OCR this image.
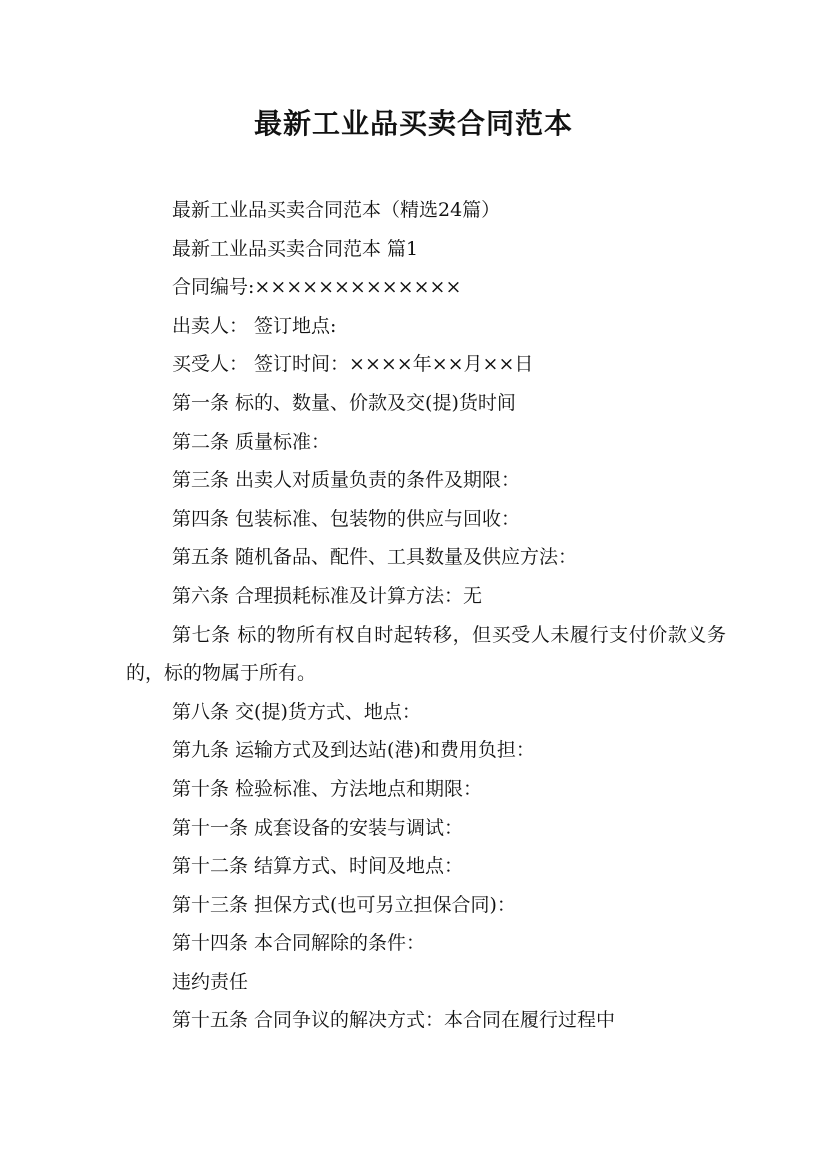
最新工业品买卖合同范本

最新工业品买卖合同范本（精选24篇）

最新工业品买卖合同范本 篇1

合同编号:×××××××××××××

出卖人： 签订地点:

买受人： 签订时间：××××年××月××日

第一条 标的、数量、价款及交(提)货时间

第二条 质量标准：

第三条 出卖人对质量负责的条件及期限：

第四条 包装标准、包装物的供应与回收：

第五条 随机备品、配件、工具数量及供应方法：

第六条 合理损耗标准及计算方法：无

第七条 标的物所有权自时起转移，但买受人未履行支付价款义务的，标的物属于所有。

第八条 交(提)货方式、地点：

第九条 运输方式及到达站(港)和费用负担：

第十条 检验标准、方法地点和期限：

第十一条 成套设备的安装与调试：

第十二条 结算方式、时间及地点：

第十三条 担保方式(也可另立担保合同)：

第十四条 本合同解除的条件：

违约责任

第十五条 合同争议的解决方式：本合同在履行过程中
